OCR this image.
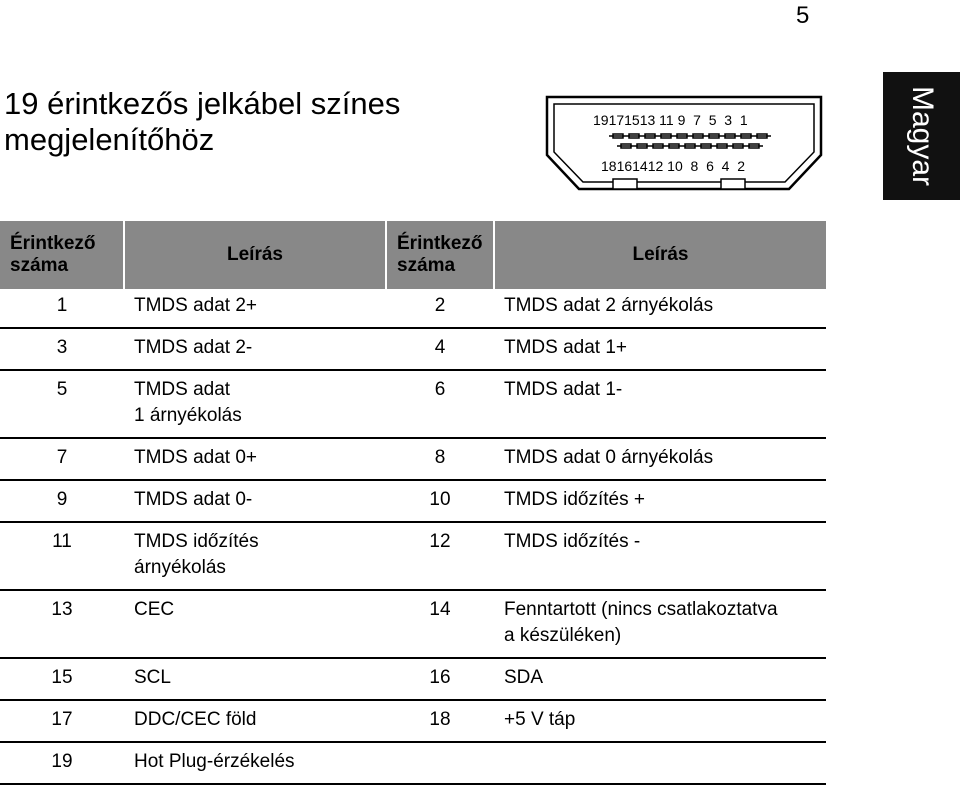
5
19 érintkezős jelkábel színes
megjelenítőhöz
19171513 11 9  7  5  3  1
18161412 10  8  6  4  2	Magyar
Érintkező
száma	Leírás	Érintkező
száma	Leírás
1	TMDS adat 2+	2	TMDS adat 2 árnyékolás
3	TMDS adat 2-	4	TMDS adat 1+
5	TMDS adat
1 árnyékolás	6	TMDS adat 1-
7	TMDS adat 0+	8	TMDS adat 0 árnyékolás
9	TMDS adat 0-	10	TMDS időzítés +
11	TMDS időzítés
árnyékolás	12	TMDS időzítés -
13	CEC	14	Fenntartott (nincs csatlakoztatva
a készüléken)
15	SCL	16	SDA
17	DDC/CEC föld	18	+5 V táp
19	Hot Plug-érzékelés		
